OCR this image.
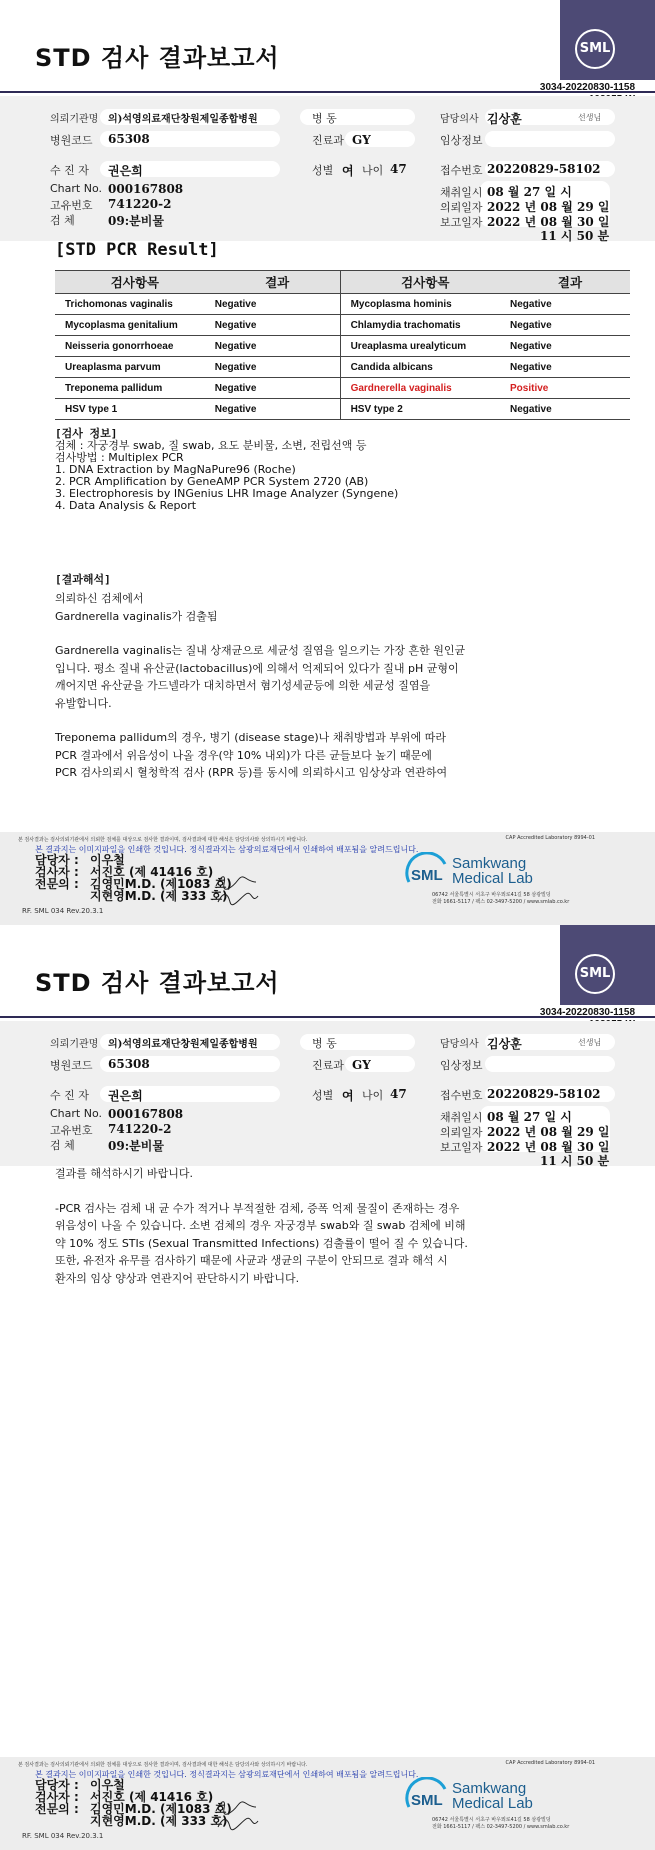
STD 검사 결과보고서	SML
3034-20220830-1158
의뢰기관명 의)석영의료재단창원제일종합병원	병 동	담당의사 김상훈	선생님
병원코드 65308	진료과 GY	임상정보
수 진 자 권은희	성별 여 나이 47	접수번호 20220829-58102
Chart No. 000167808
고유번호 741220-2
검 체	09:분비물
채취일시 08 월 27 일 시
의뢰일자 2022 년 08 월 29 일
보고일자 2022 년 08 월 30 일
11 시 50 분
[STD PCR Result]
검사항목	결과	검사항목	결과
Trichomonas vaginalis	Negative	Mycoplasma hominis	Negative
Mycoplasma genitalium	Negative	Chlamydia trachomatis	Negative
Neisseria gonorrhoeae	Negative	Ureaplasma urealyticum	Negative
Ureaplasma parvum	Negative	Candida albicans	Negative
Treponema pallidum	Negative	Gardnerella vaginalis	Positive
HSV type 1	Negative	HSV type 2	Negative
[검사 정보]
검체 : 자궁경부 swab, 질 swab, 요도 분비물, 소변, 전립선액 등
검사방법 : Multiplex PCR
1. DNA Extraction by MagNaPure96 (Roche)
2. PCR Amplification by GeneAMP PCR System 2720 (AB)
3. Electrophoresis by INGenius LHR Image Analyzer (Syngene)
4. Data Analysis & Report
[결과해석]
의뢰하신 검체에서
Gardnerella vaginalis가 검출됨
Gardnerella vaginalis는 질내 상재균으로 세균성 질염을 일으키는 가장 흔한 원인균
입니다. 평소 질내 유산균(lactobacillus)에 의해서 억제되어 있다가 질내 pH 균형이
깨어지면 유산균을 가드넬라가 대치하면서 혐기성세균등에 의한 세균성 질염을
유발합니다.
Treponema pallidum의 경우, 병기 (disease stage)나 채취방법과 부위에 따라
PCR 결과에서 위음성이 나올 경우(약 10% 내외)가 다른 균들보다 높기 때문에
PCR 검사의뢰시 혈청학적 검사 (RPR 등)를 동시에 의뢰하시고 임상상과 연관하여
본 검사결과는 검사의뢰기관에서 의뢰한 검체를 대상으로 검사한 결과이며, 검사결과에 대한 해석은 담당의사와 상의하시기 바랍니다.	CAP Accredited Laboratory 8994-01
본 결과지는 이미지파일을 인쇄한 것입니다. 정식결과지는 삼광의료재단에서 인쇄하여 배포됨을 알려드립니다.
담당자 : 이우철
검사자 : 서진호 (제 41416 호)
전문의 : 김영민M.D. (제1083 호)
지현영M.D. (제 333 호)
RF. SML 034 Rev.20.3.1
SML
Samkwang
Medical Lab
06742 서울특별시 서초구 바우뫼로41길 58 삼광빌딩
전화 1661-5117 / 팩스 02-3497-5200 / www.smlab.co.kr
STD 검사 결과보고서	SML
3034-20220830-1158
의뢰기관명 의)석영의료재단창원제일종합병원	병 동	담당의사 김상훈	선생님
병원코드 65308	진료과 GY	임상정보
수 진 자 권은희	성별 여 나이 47	접수번호 20220829-58102
Chart No. 000167808
고유번호 741220-2
검 체	09:분비물
채취일시 08 월 27 일 시
의뢰일자 2022 년 08 월 29 일
보고일자 2022 년 08 월 30 일
11 시 50 분
결과를 해석하시기 바랍니다.
-PCR 검사는 검체 내 균 수가 적거나 부적절한 검체, 증폭 억제 물질이 존재하는 경우
위음성이 나올 수 있습니다. 소변 검체의 경우 자궁경부 swab와 질 swab 검체에 비해
약 10% 정도 STIs (Sexual Transmitted Infections) 검출률이 떨어 질 수 있습니다.
또한, 유전자 유무를 검사하기 때문에 사균과 생균의 구분이 안되므로 결과 해석 시
환자의 임상 양상과 연관지어 판단하시기 바랍니다.
본 검사결과는 검사의뢰기관에서 의뢰한 검체를 대상으로 검사한 결과이며, 검사결과에 대한 해석은 담당의사와 상의하시기 바랍니다.	CAP Accredited Laboratory 8994-01
본 결과지는 이미지파일을 인쇄한 것입니다. 정식결과지는 삼광의료재단에서 인쇄하여 배포됨을 알려드립니다.
담당자 : 이우철
검사자 : 서진호 (제 41416 호)
전문의 : 김영민M.D. (제1083 호)
지현영M.D. (제 333 호)
RF. SML 034 Rev.20.3.1
SML
Samkwang
Medical Lab
06742 서울특별시 서초구 바우뫼로41길 58 삼광빌딩
전화 1661-5117 / 팩스 02-3497-5200 / www.smlab.co.kr
